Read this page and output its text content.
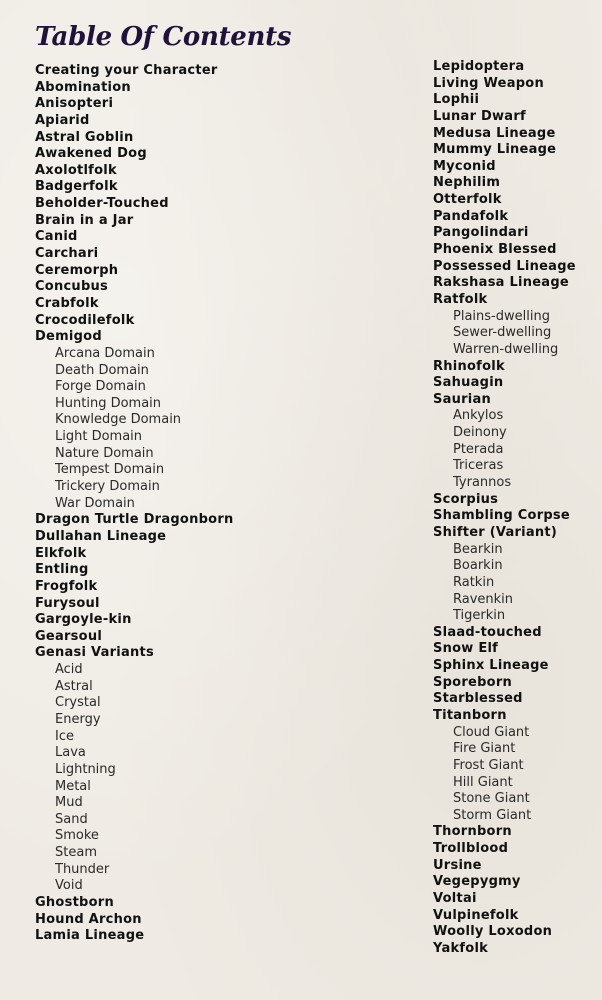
Table Of Contents
Creating your Character
Abomination
Anisopteri
Apiarid
Astral Goblin
Awakened Dog
Axolotlfolk
Badgerfolk
Beholder-Touched
Brain in a Jar
Canid
Carchari
Ceremorph
Concubus
Crabfolk
Crocodilefolk
Demigod
Arcana Domain
Death Domain
Forge Domain
Hunting Domain
Knowledge Domain
Light Domain
Nature Domain
Tempest Domain
Trickery Domain
War Domain
Dragon Turtle Dragonborn
Dullahan Lineage
Elkfolk
Entling
Frogfolk
Furysoul
Gargoyle-kin
Gearsoul
Genasi Variants
Acid
Astral
Crystal
Energy
Ice
Lava
Lightning
Metal
Mud
Sand
Smoke
Steam
Thunder
Void
Ghostborn
Hound Archon
Lamia Lineage
Lepidoptera
Living Weapon
Lophii
Lunar Dwarf
Medusa Lineage
Mummy Lineage
Myconid
Nephilim
Otterfolk
Pandafolk
Pangolindari
Phoenix Blessed
Possessed Lineage
Rakshasa Lineage
Ratfolk
Plains-dwelling
Sewer-dwelling
Warren-dwelling
Rhinofolk
Sahuagin
Saurian
Ankylos
Deinony
Pterada
Triceras
Tyrannos
Scorpius
Shambling Corpse
Shifter (Variant)
Bearkin
Boarkin
Ratkin
Ravenkin
Tigerkin
Slaad-touched
Snow Elf
Sphinx Lineage
Sporeborn
Starblessed
Titanborn
Cloud Giant
Fire Giant
Frost Giant
Hill Giant
Stone Giant
Storm Giant
Thornborn
Trollblood
Ursine
Vegepygmy
Voltai
Vulpinefolk
Woolly Loxodon
Yakfolk
